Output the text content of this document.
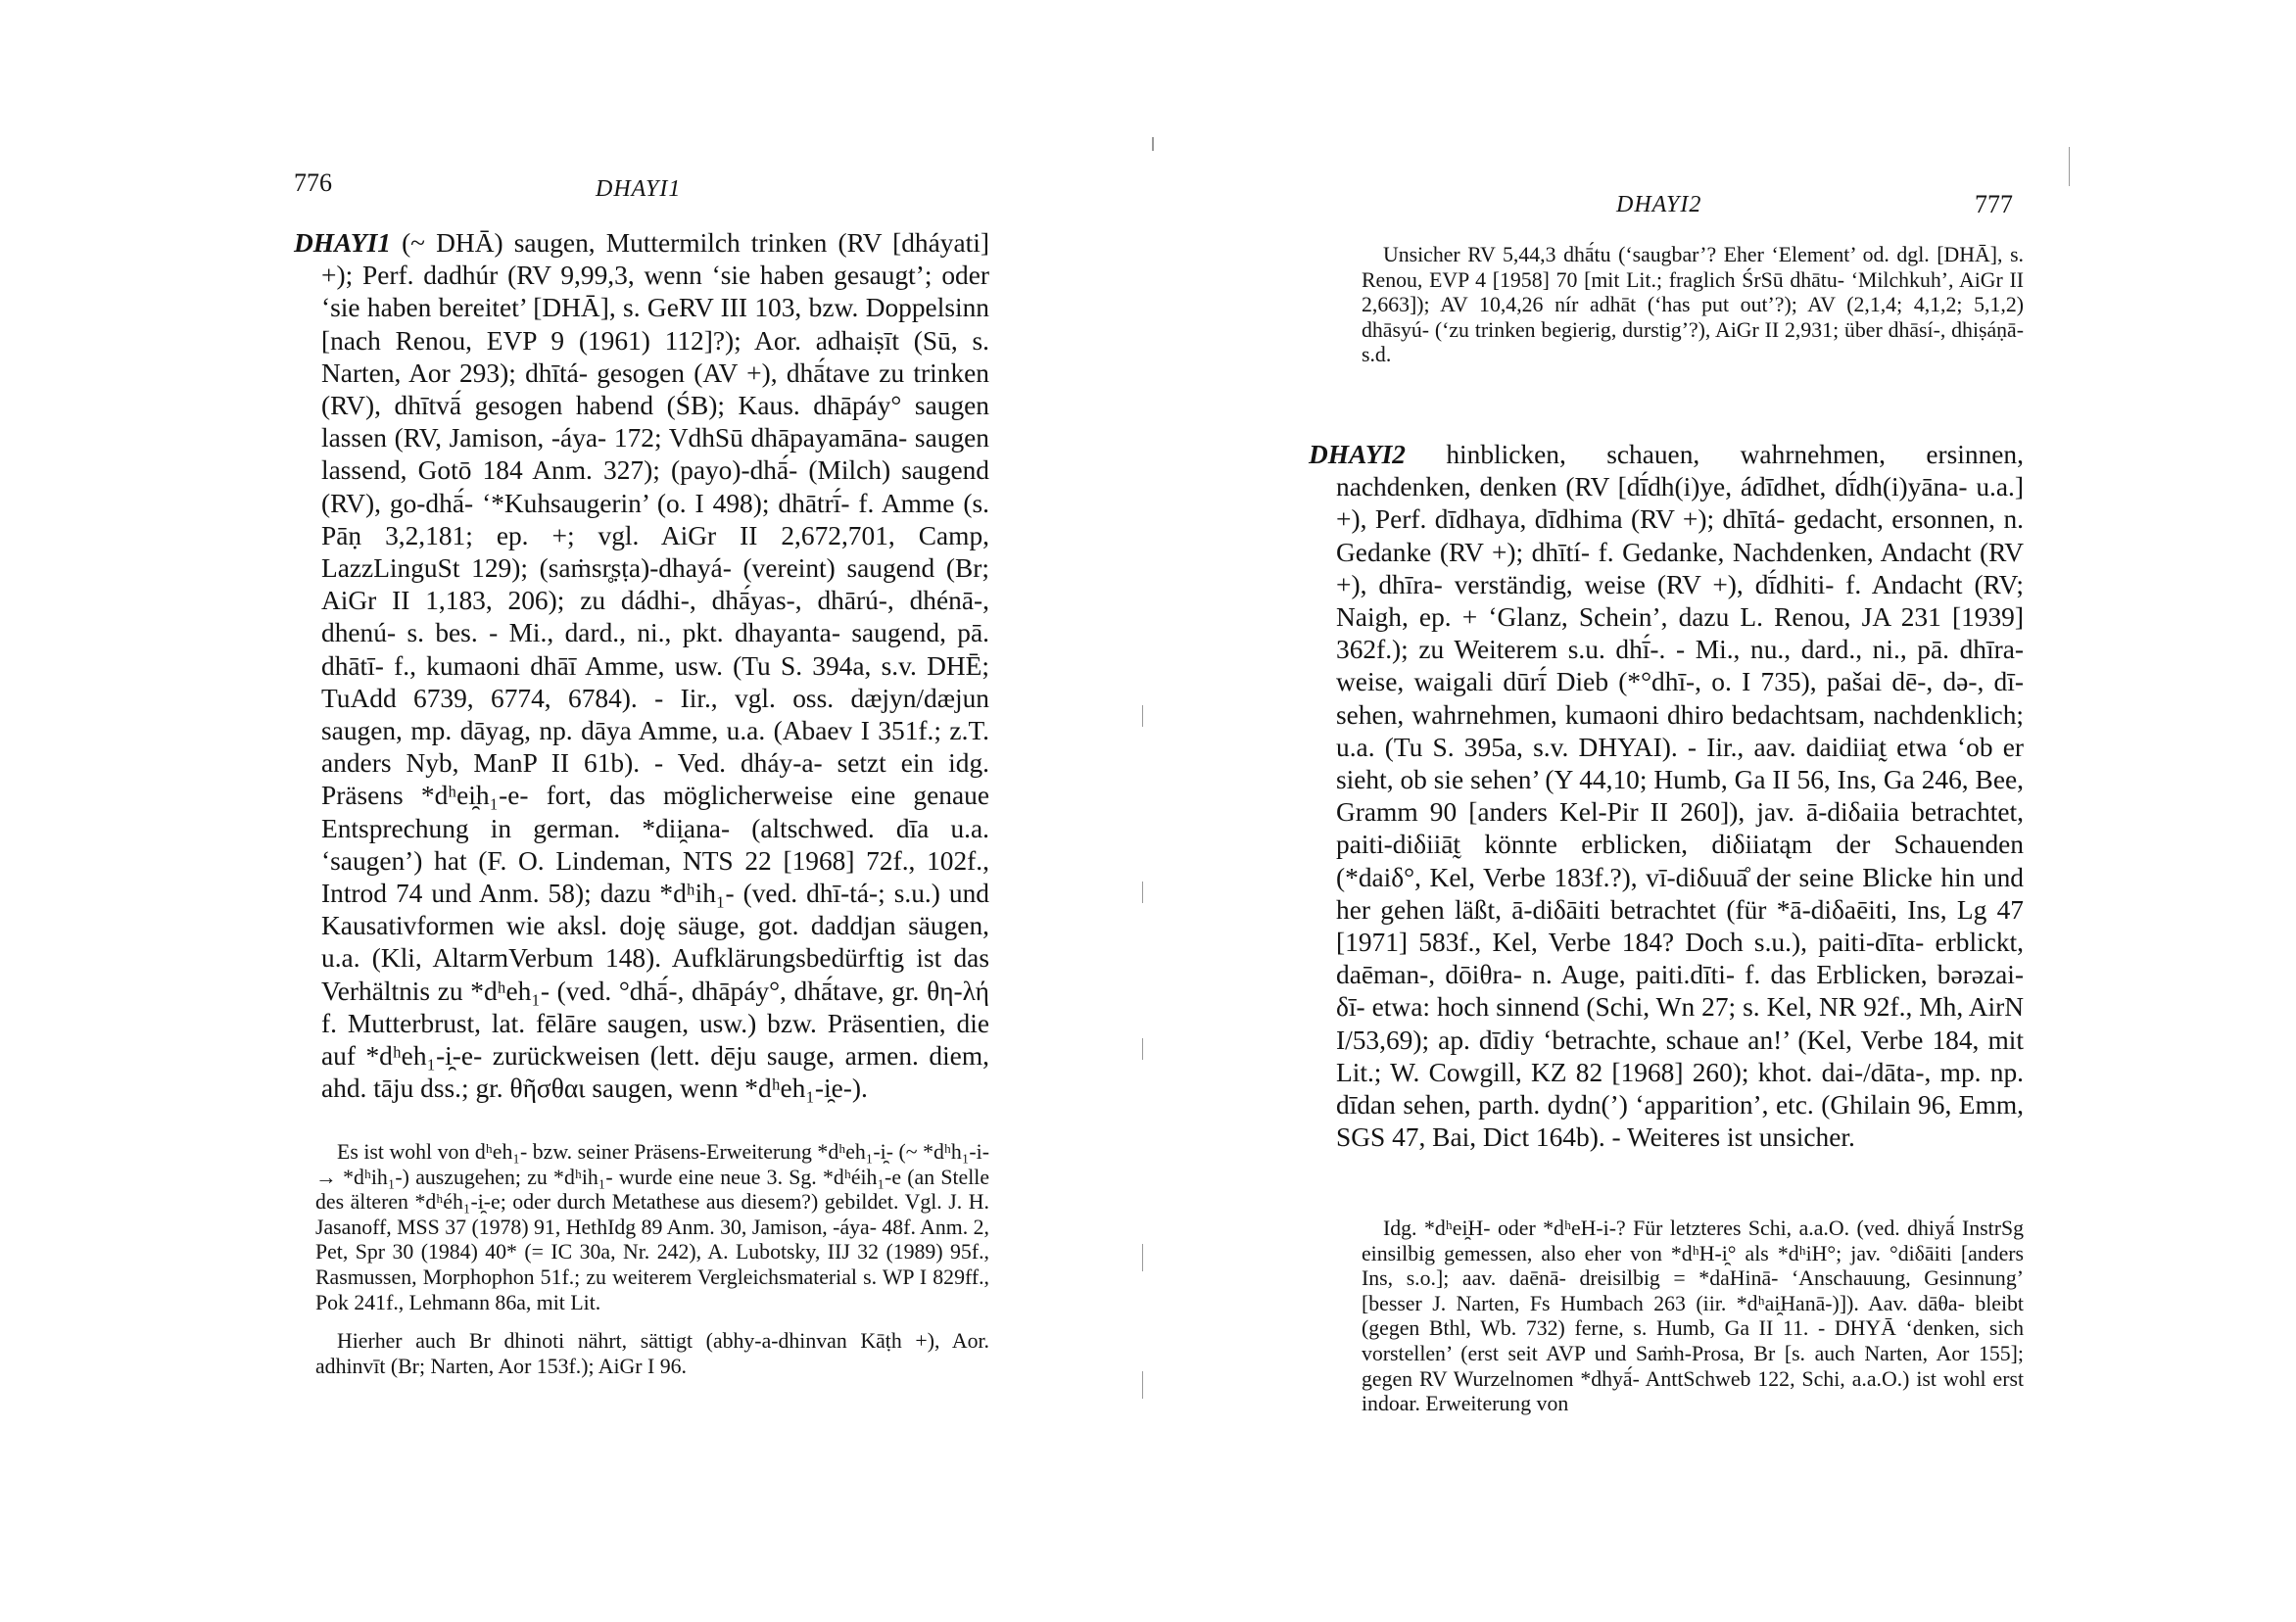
776	DHAYI1

DHAYI1 (~ DHĀ) saugen, Muttermilch trinken (RV [dháyati] +); Perf. dadhúr (RV 9,99,3, wenn ‘sie haben gesaugt’; oder ‘sie haben bereitet’ [DHĀ], s. GeRV III 103, bzw. Doppelsinn [nach Renou, EVP 9 (1961) 112]?); Aor. adhaiṣīt (Sū, s. Narten, Aor 293); dhītá- gesogen (AV +), dhā́tave zu trinken (RV), dhītvā́ gesogen habend (ŚB); Kaus. dhāpáy° saugen lassen (RV, Jamison, -áya- 172; VdhSū dhāpayamāna- saugen lassend, Gotō 184 Anm. 327); (payo)-dhā́- (Milch) saugend (RV), go-dhā́- ‘*Kuhsaugerin’ (o. I 498); dhātrī́- f. Amme (s. Pāṇ 3,2,181; ep. +; vgl. AiGr II 2,672,701, Camp, LazzLinguSt 129); (saṁsr̥ṣṭa)-dhayá- (vereint) saugend (Br; AiGr II 1,183, 206); zu dádhi-, dhā́yas-, dhārú-, dhénā-, dhenú- s. bes. - Mi., dard., ni., pkt. dhayanta- saugend, pā. dhātī- f., kumaoni dhāī Amme, usw. (Tu S. 394a, s.v. DHĒ; TuAdd 6739, 6774, 6784). - Iir., vgl. oss. dæjyn/dæjun saugen, mp. dāyag, np. dāya Amme, u.a. (Abaev I 351f.; z.T. anders Nyb, ManP II 61b). - Ved. dháy-a- setzt ein idg. Präsens *dʰei̯h₁-e- fort, das möglicherweise eine genaue Entsprechung in german. *dii̯ana- (altschwed. dīa u.a. ‘saugen’) hat (F. O. Lindeman, NTS 22 [1968] 72f., 102f., Introd 74 und Anm. 58); dazu *dʰih₁- (ved. dhī-tá-; s.u.) und Kausativformen wie aksl. doję säuge, got. daddjan säugen, u.a. (Kli, AltarmVerbum 148). Aufklärungsbedürftig ist das Verhältnis zu *dʰeh₁- (ved. °dhā́-, dhāpáy°, dhā́tave, gr. θη-λή f. Mutterbrust, lat. fēlāre saugen, usw.) bzw. Präsentien, die auf *dʰeh₁-i̯-e- zurückweisen (lett. dēju sauge, armen. diem, ahd. tāju dss.; gr. θῆσθαι saugen, wenn *dʰeh₁-i̯e-).

Es ist wohl von dʰeh₁- bzw. seiner Präsens-Erweiterung *dʰeh₁-i̯- (~ *dʰh₁-i- → *dʰih₁-) auszugehen; zu *dʰih₁- wurde eine neue 3. Sg. *dʰéih₁-e (an Stelle des älteren *dʰéh₁-i̯-e; oder durch Metathese aus diesem?) gebildet. Vgl. J. H. Jasanoff, MSS 37 (1978) 91, HethIdg 89 Anm. 30, Jamison, -áya- 48f. Anm. 2, Pet, Spr 30 (1984) 40* (= IC 30a, Nr. 242), A. Lubotsky, IIJ 32 (1989) 95f., Rasmussen, Morphophon 51f.; zu weiterem Vergleichsmaterial s. WP I 829ff., Pok 241f., Lehmann 86a, mit Lit.

Hierher auch Br dhinoti nährt, sättigt (abhy-a-dhinvan Kāṭh +), Aor. adhinvīt (Br; Narten, Aor 153f.); AiGr I 96.

DHAYI2	777
Unsicher RV 5,44,3 dhā́tu (‘saugbar’? Eher ‘Element’ od. dgl. [DHĀ], s. Renou, EVP 4 [1958] 70 [mit Lit.; fraglich ŚrSū dhātu- ‘Milchkuh’, AiGr II 2,663]); AV 10,4,26 nír adhāt (‘has put out’?); AV (2,1,4; 4,1,2; 5,1,2) dhāsyú- (‘zu trinken begierig, durstig’?), AiGr II 2,931; über dhāsí-, dhiṣáṇā- s.d.

DHAYI2 hinblicken, schauen, wahrnehmen, ersinnen, nachdenken, denken (RV [dī́dh(i)ye, ádīdhet, dī́dh(i)yāna- u.a.] +), Perf. dīdhaya, dīdhima (RV +); dhītá- gedacht, ersonnen, n. Gedanke (RV +); dhītí- f. Gedanke, Nachdenken, Andacht (RV +), dhīra- verständig, weise (RV +), dī́dhiti- f. Andacht (RV; Naigh, ep. + ‘Glanz, Schein’, dazu L. Renou, JA 231 [1939] 362f.); zu Weiterem s.u. dhī́-. - Mi., nu., dard., ni., pā. dhīra- weise, waigali dūrī́ Dieb (*°dhī-, o. I 735), pašai dē-, də-, dī- sehen, wahrnehmen, kumaoni dhiro bedachtsam, nachdenklich; u.a. (Tu S. 395a, s.v. DHYAI). - Iir., aav. daidiiat̰ etwa ‘ob er sieht, ob sie sehen’ (Y 44,10; Humb, Ga II 56, Ins, Ga 246, Bee, Gramm 90 [anders Kel-Pir II 260]), jav. ā-diδaiia betrachtet, paiti-diδiiāt̰ könnte erblicken, diδiiatąm der Schauenden (*daiδ°, Kel, Verbe 183f.?), vī-diδuuā̊ der seine Blicke hin und her gehen läßt, ā-diδāiti betrachtet (für *ā-diδaēiti, Ins, Lg 47 [1971] 583f., Kel, Verbe 184? Doch s.u.), paiti-dīta- erblickt, daēman-, dōiθra- n. Auge, paiti.dīti- f. das Erblicken, bərəzai-δī- etwa: hoch sinnend (Schi, Wn 27; s. Kel, NR 92f., Mh, AirN I/53,69); ap. dīdiy ‘betrachte, schaue an!’ (Kel, Verbe 184, mit Lit.; W. Cowgill, KZ 82 [1968] 260); khot. dai-/dāta-, mp. np. dīdan sehen, parth. dydn(’) ‘apparition’, etc. (Ghilain 96, Emm, SGS 47, Bai, Dict 164b). - Weiteres ist unsicher.

Idg. *dʰei̯H- oder *dʰeH-i-? Für letzteres Schi, a.a.O. (ved. dhiyā́ InstrSg einsilbig gemessen, also eher von *dʰH-i̯° als *dʰiH°; jav. °diδāiti [anders Ins, s.o.]; aav. daēnā- dreisilbig = *daHinā- ‘Anschauung, Gesinnung’ [besser J. Narten, Fs Humbach 263 (iir. *dʰai̯Hanā-)]). Aav. dāθa- bleibt (gegen Bthl, Wb. 732) ferne, s. Humb, Ga II 11. - DHYĀ ‘denken, sich vorstellen’ (erst seit AVP und Saṁh-Prosa, Br [s. auch Narten, Aor 155]; gegen RV Wurzelnomen *dhyā́- AnttSchweb 122, Schi, a.a.O.) ist wohl erst indoar. Erweiterung von
